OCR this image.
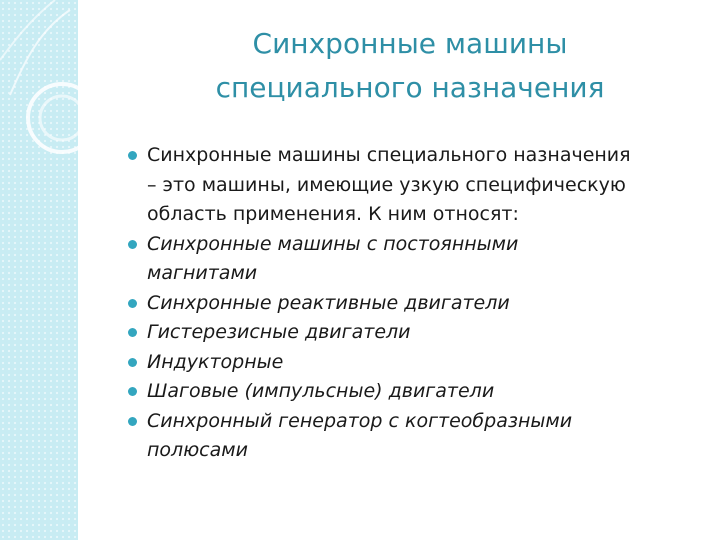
Синхронные машины
специального назначения
Синхронные машины специального назначения
– это машины, имеющие узкую специфическую
область применения. К ним относят:
Синхронные машины с постоянными
магнитами
Синхронные реактивные двигатели
Гистерезисные двигатели
Индукторные
Шаговые (импульсные) двигатели
Синхронный генератор с когтеобразными
полюсами
